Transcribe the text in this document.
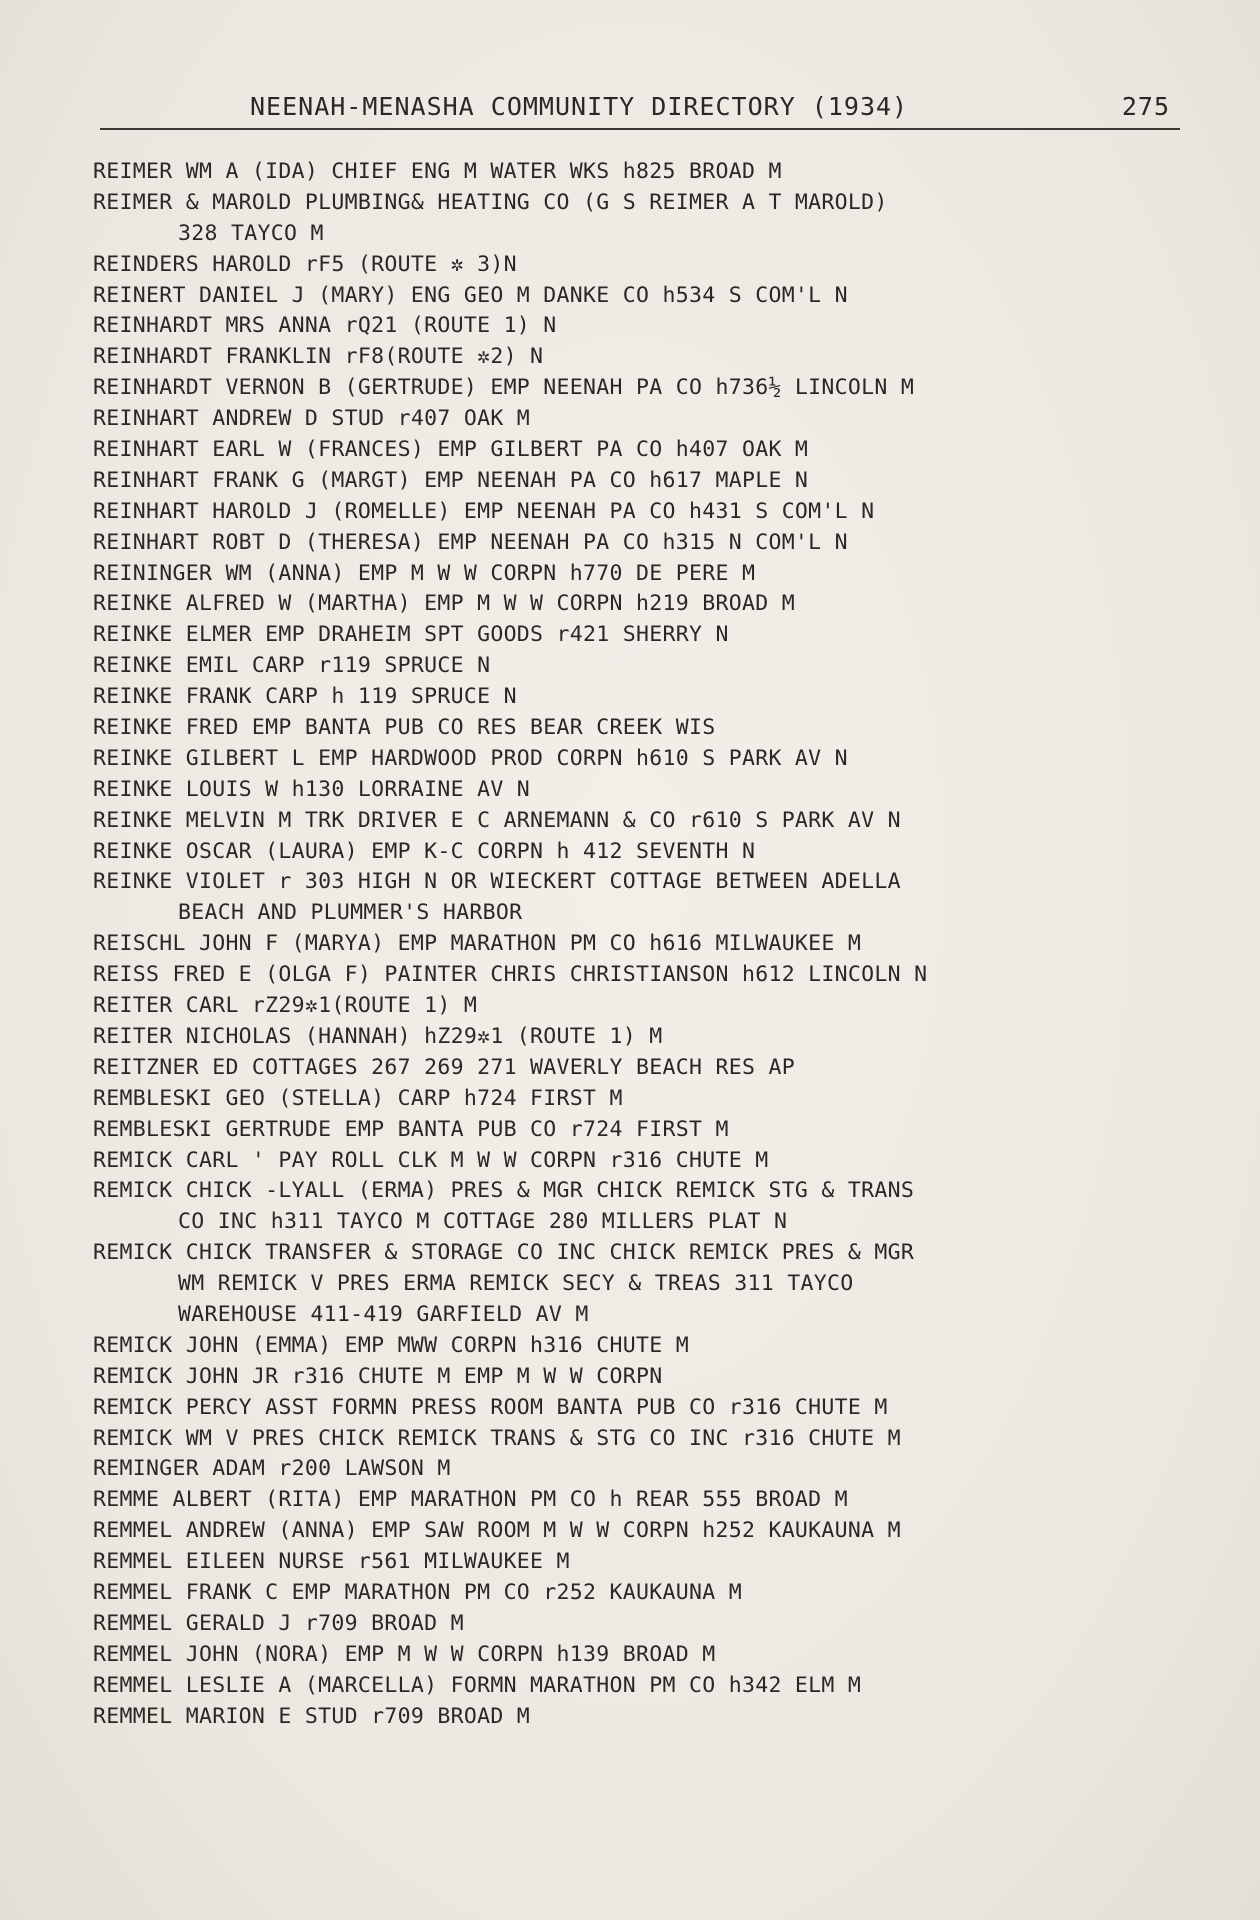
NEENAH-MENASHA COMMUNITY DIRECTORY (1934)	275
REIMER WM A (IDA) CHIEF ENG M WATER WKS h825 BROAD M
REIMER & MAROLD PLUMBING& HEATING CO (G S REIMER A T MAROLD)
328 TAYCO M
REINDERS HAROLD rF5 (ROUTE ✲ 3)N
REINERT DANIEL J (MARY) ENG GEO M DANKE CO h534 S COM'L N
REINHARDT MRS ANNA rQ21 (ROUTE 1) N
REINHARDT FRANKLIN rF8(ROUTE ✲2) N
REINHARDT VERNON B (GERTRUDE) EMP NEENAH PA CO h736½ LINCOLN M
REINHART ANDREW D STUD r407 OAK M
REINHART EARL W (FRANCES) EMP GILBERT PA CO h407 OAK M
REINHART FRANK G (MARGT) EMP NEENAH PA CO h617 MAPLE N
REINHART HAROLD J (ROMELLE) EMP NEENAH PA CO h431 S COM'L N
REINHART ROBT D (THERESA) EMP NEENAH PA CO h315 N COM'L N
REININGER WM (ANNA) EMP M W W CORPN h770 DE PERE M
REINKE ALFRED W (MARTHA) EMP M W W CORPN h219 BROAD M
REINKE ELMER EMP DRAHEIM SPT GOODS r421 SHERRY N
REINKE EMIL CARP r119 SPRUCE N
REINKE FRANK CARP h 119 SPRUCE N
REINKE FRED EMP BANTA PUB CO RES BEAR CREEK WIS
REINKE GILBERT L EMP HARDWOOD PROD CORPN h610 S PARK AV N
REINKE LOUIS W h130 LORRAINE AV N
REINKE MELVIN M TRK DRIVER E C ARNEMANN & CO r610 S PARK AV N
REINKE OSCAR (LAURA) EMP K-C CORPN h 412 SEVENTH N
REINKE VIOLET r 303 HIGH N OR WIECKERT COTTAGE BETWEEN ADELLA
BEACH AND PLUMMER'S HARBOR
REISCHL JOHN F (MARYA) EMP MARATHON PM CO h616 MILWAUKEE M
REISS FRED E (OLGA F) PAINTER CHRIS CHRISTIANSON h612 LINCOLN N
REITER CARL rZ29✲1(ROUTE 1) M
REITER NICHOLAS (HANNAH) hZ29✲1 (ROUTE 1) M
REITZNER ED COTTAGES 267 269 271 WAVERLY BEACH RES AP
REMBLESKI GEO (STELLA) CARP h724 FIRST M
REMBLESKI GERTRUDE EMP BANTA PUB CO r724 FIRST M
REMICK CARL ' PAY ROLL CLK M W W CORPN r316 CHUTE M
REMICK CHICK -LYALL (ERMA) PRES & MGR CHICK REMICK STG & TRANS
CO INC h311 TAYCO M COTTAGE 280 MILLERS PLAT N
REMICK CHICK TRANSFER & STORAGE CO INC CHICK REMICK PRES & MGR
WM REMICK V PRES ERMA REMICK SECY & TREAS 311 TAYCO
WAREHOUSE 411-419 GARFIELD AV M
REMICK JOHN (EMMA) EMP MWW CORPN h316 CHUTE M
REMICK JOHN JR r316 CHUTE M EMP M W W CORPN
REMICK PERCY ASST FORMN PRESS ROOM BANTA PUB CO r316 CHUTE M
REMICK WM V PRES CHICK REMICK TRANS & STG CO INC r316 CHUTE M
REMINGER ADAM r200 LAWSON M
REMME ALBERT (RITA) EMP MARATHON PM CO h REAR 555 BROAD M
REMMEL ANDREW (ANNA) EMP SAW ROOM M W W CORPN h252 KAUKAUNA M
REMMEL EILEEN NURSE r561 MILWAUKEE M
REMMEL FRANK C EMP MARATHON PM CO r252 KAUKAUNA M
REMMEL GERALD J r709 BROAD M
REMMEL JOHN (NORA) EMP M W W CORPN h139 BROAD M
REMMEL LESLIE A (MARCELLA) FORMN MARATHON PM CO h342 ELM M
REMMEL MARION E STUD r709 BROAD M
